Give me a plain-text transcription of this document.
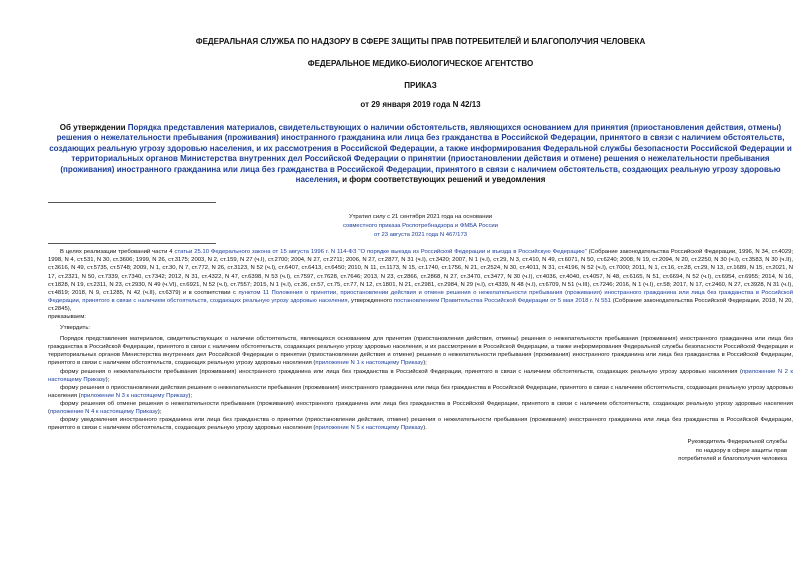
ФЕДЕРАЛЬНАЯ СЛУЖБА ПО НАДЗОРУ В СФЕРЕ ЗАЩИТЫ ПРАВ ПОТРЕБИТЕЛЕЙ И БЛАГОПОЛУЧИЯ ЧЕЛОВЕКА
ФЕДЕРАЛЬНОЕ МЕДИКО-БИОЛОГИЧЕСКОЕ АГЕНТСТВО
ПРИКАЗ
от 29 января 2019 года N 42/13
Об утверждении Порядка представления материалов, свидетельствующих о наличии обстоятельств, являющихся основанием для принятия (приостановления действия, отмены) решения о нежелательности пребывания (проживания) иностранного гражданина или лица без гражданства в Российской Федерации, принятого в связи с наличием обстоятельств, создающих реальную угрозу здоровью населения, и их рассмотрения в Российской Федерации, а также информирования Федеральной службы безопасности Российской Федерации и территориальных органов Министерства внутренних дел Российской Федерации о принятии (приостановлении действия и отмене) решения о нежелательности пребывания (проживания) иностранного гражданина или лица без гражданства в Российской Федерации, принятого в связи с наличием обстоятельств, создающих реальную угрозу здоровью населения, и форм соответствующих решений и уведомления
Утратил силу с 21 сентября 2021 года на основании
совместного приказа Роспотребнадзора и ФМБА России
от 23 августа 2021 года N 467/173

В целях реализации требований части 4 статьи 25.10 Федерального закона от 15 августа 1996 г. N 114-ФЗ "О порядке выезда из Российской Федерации и въезда в Российскую Федерацию" (Собрание законодательства Российской Федерации, 1996, N 34, ст.4029; 1998, N 4, ст.531, N 30, ст.3606; 1999, N 26, ст.3175; 2003, N 2, ст.159, N 27 (ч.I), ст.2700; 2004, N 27, ст.2711; 2006, N 27, ст.2877, N 31 (ч.I), ст.3420; 2007, N 1 (ч.I), ст.29, N 3, ст.410, N 49, ст.6071, N 50, ст.6240; 2008, N 19, ст.2094, N 20, ст.2250, N 30 (ч.I), ст.3583, N 30 (ч.II), ст.3616, N 49, ст.5735, ст.5748; 2009, N 1, ст.30, N 7, ст.772, N 26, ст.3123, N 52 (ч.I), ст.6407, ст.6413, ст.6450; 2010, N 11, ст.1173, N 15, ст.1740, ст.1756, N 21, ст.2524, N 30, ст.4011, N 31, ст.4196, N 52 (ч.I), ст.7000; 2011, N 1, ст.16, ст.28, ст.29, N 13, ст.1689, N 15, ст.2021, N 17, ст.2321, N 50, ст.7339, ст.7340, ст.7342; 2012, N 31, ст.4322, N 47, ст.6398, N 53 (ч.I), ст.7597, ст.7628, ст.7646; 2013, N 23, ст.2866, ст.2868, N 27, ст.3470, ст.3477, N 30 (ч.I), ст.4036, ст.4040, ст.4057, N 48, ст.6165, N 51, ст.6694, N 52 (ч.I), ст.6954, ст.6955; 2014, N 16, ст.1828, N 19, ст.2311, N 23, ст.2930, N 49 (ч.VI), ст.6921, N 52 (ч.I), ст.7557; 2015, N 1 (ч.I), ст.36, ст.57, ст.75, ст.77, N 12, ст.1801, N 21, ст.2981, ст.2984, N 29 (ч.I), ст.4339, N 48 (ч.I), ст.6709, N 51 (ч.III), ст.7246; 2016, N 1 (ч.I), ст.58; 2017, N 17, ст.2460, N 27, ст.3928, N 31 (ч.I), ст.4819; 2018, N 9, ст.1285, N 42 (ч.II), ст.6379) и в соответствии с пунктом 11 Положения о принятии, приостановлении действия и отмене решения о нежелательности пребывания (проживания) иностранного гражданина или лица без гражданства в Российской Федерации, принятого в связи с наличием обстоятельств, создающих реальную угрозу здоровью населения, утвержденного постановлением Правительства Российской Федерации от 5 мая 2018 г. N 551 (Собрание законодательства Российской Федерации, 2018, N 20, ст.2845),

приказываем:

Утвердить:

Порядок представления материалов, свидетельствующих о наличии обстоятельств, являющихся основанием для принятия (приостановления действия, отмены) решения о нежелательности пребывания (проживания) иностранного гражданина или лица без гражданства в Российской Федерации, принятого в связи с наличием обстоятельств, создающих реальную угрозу здоровью населения, и их рассмотрения в Российской Федерации, а также информирования Федеральной службы безопасности Российской Федерации и территориальных органов Министерства внутренних дел Российской Федерации о принятии (приостановлении действия и отмене) решения о нежелательности пребывания (проживания) иностранного гражданина или лица без гражданства в Российской Федерации, принятого в связи с наличием обстоятельств, создающих реальную угрозу здоровью населения (приложение N 1 к настоящему Приказу);

форму решения о нежелательности пребывания (проживания) иностранного гражданина или лица без гражданства в Российской Федерации, принятого в связи с наличием обстоятельств, создающих реальную угрозу здоровью населения (приложение N 2 к настоящему Приказу);

форму решения о приостановлении действия решения о нежелательности пребывания (проживания) иностранного гражданина или лица без гражданства в Российской Федерации, принятого в связи с наличием обстоятельств, создающих реальную угрозу здоровью населения (приложение N 3 к настоящему Приказу);

форму решения об отмене решения о нежелательности пребывания (проживания) иностранного гражданина или лица без гражданства в Российской Федерации, принятого в связи с наличием обстоятельств, создающих реальную угрозу здоровью населения (приложение N 4 к настоящему Приказу);

форму уведомления иностранного гражданина или лица без гражданства о принятии (приостановлении действия, отмене) решения о нежелательности пребывания (проживания) иностранного гражданина или лица без гражданства в Российской Федерации, принятого в связи с наличием обстоятельств, создающих реальную угрозу здоровью населения (приложение N 5 к настоящему Приказу).

Руководитель Федеральной службы
по надзору в сфере защиты прав
потребителей и благополучия человека
